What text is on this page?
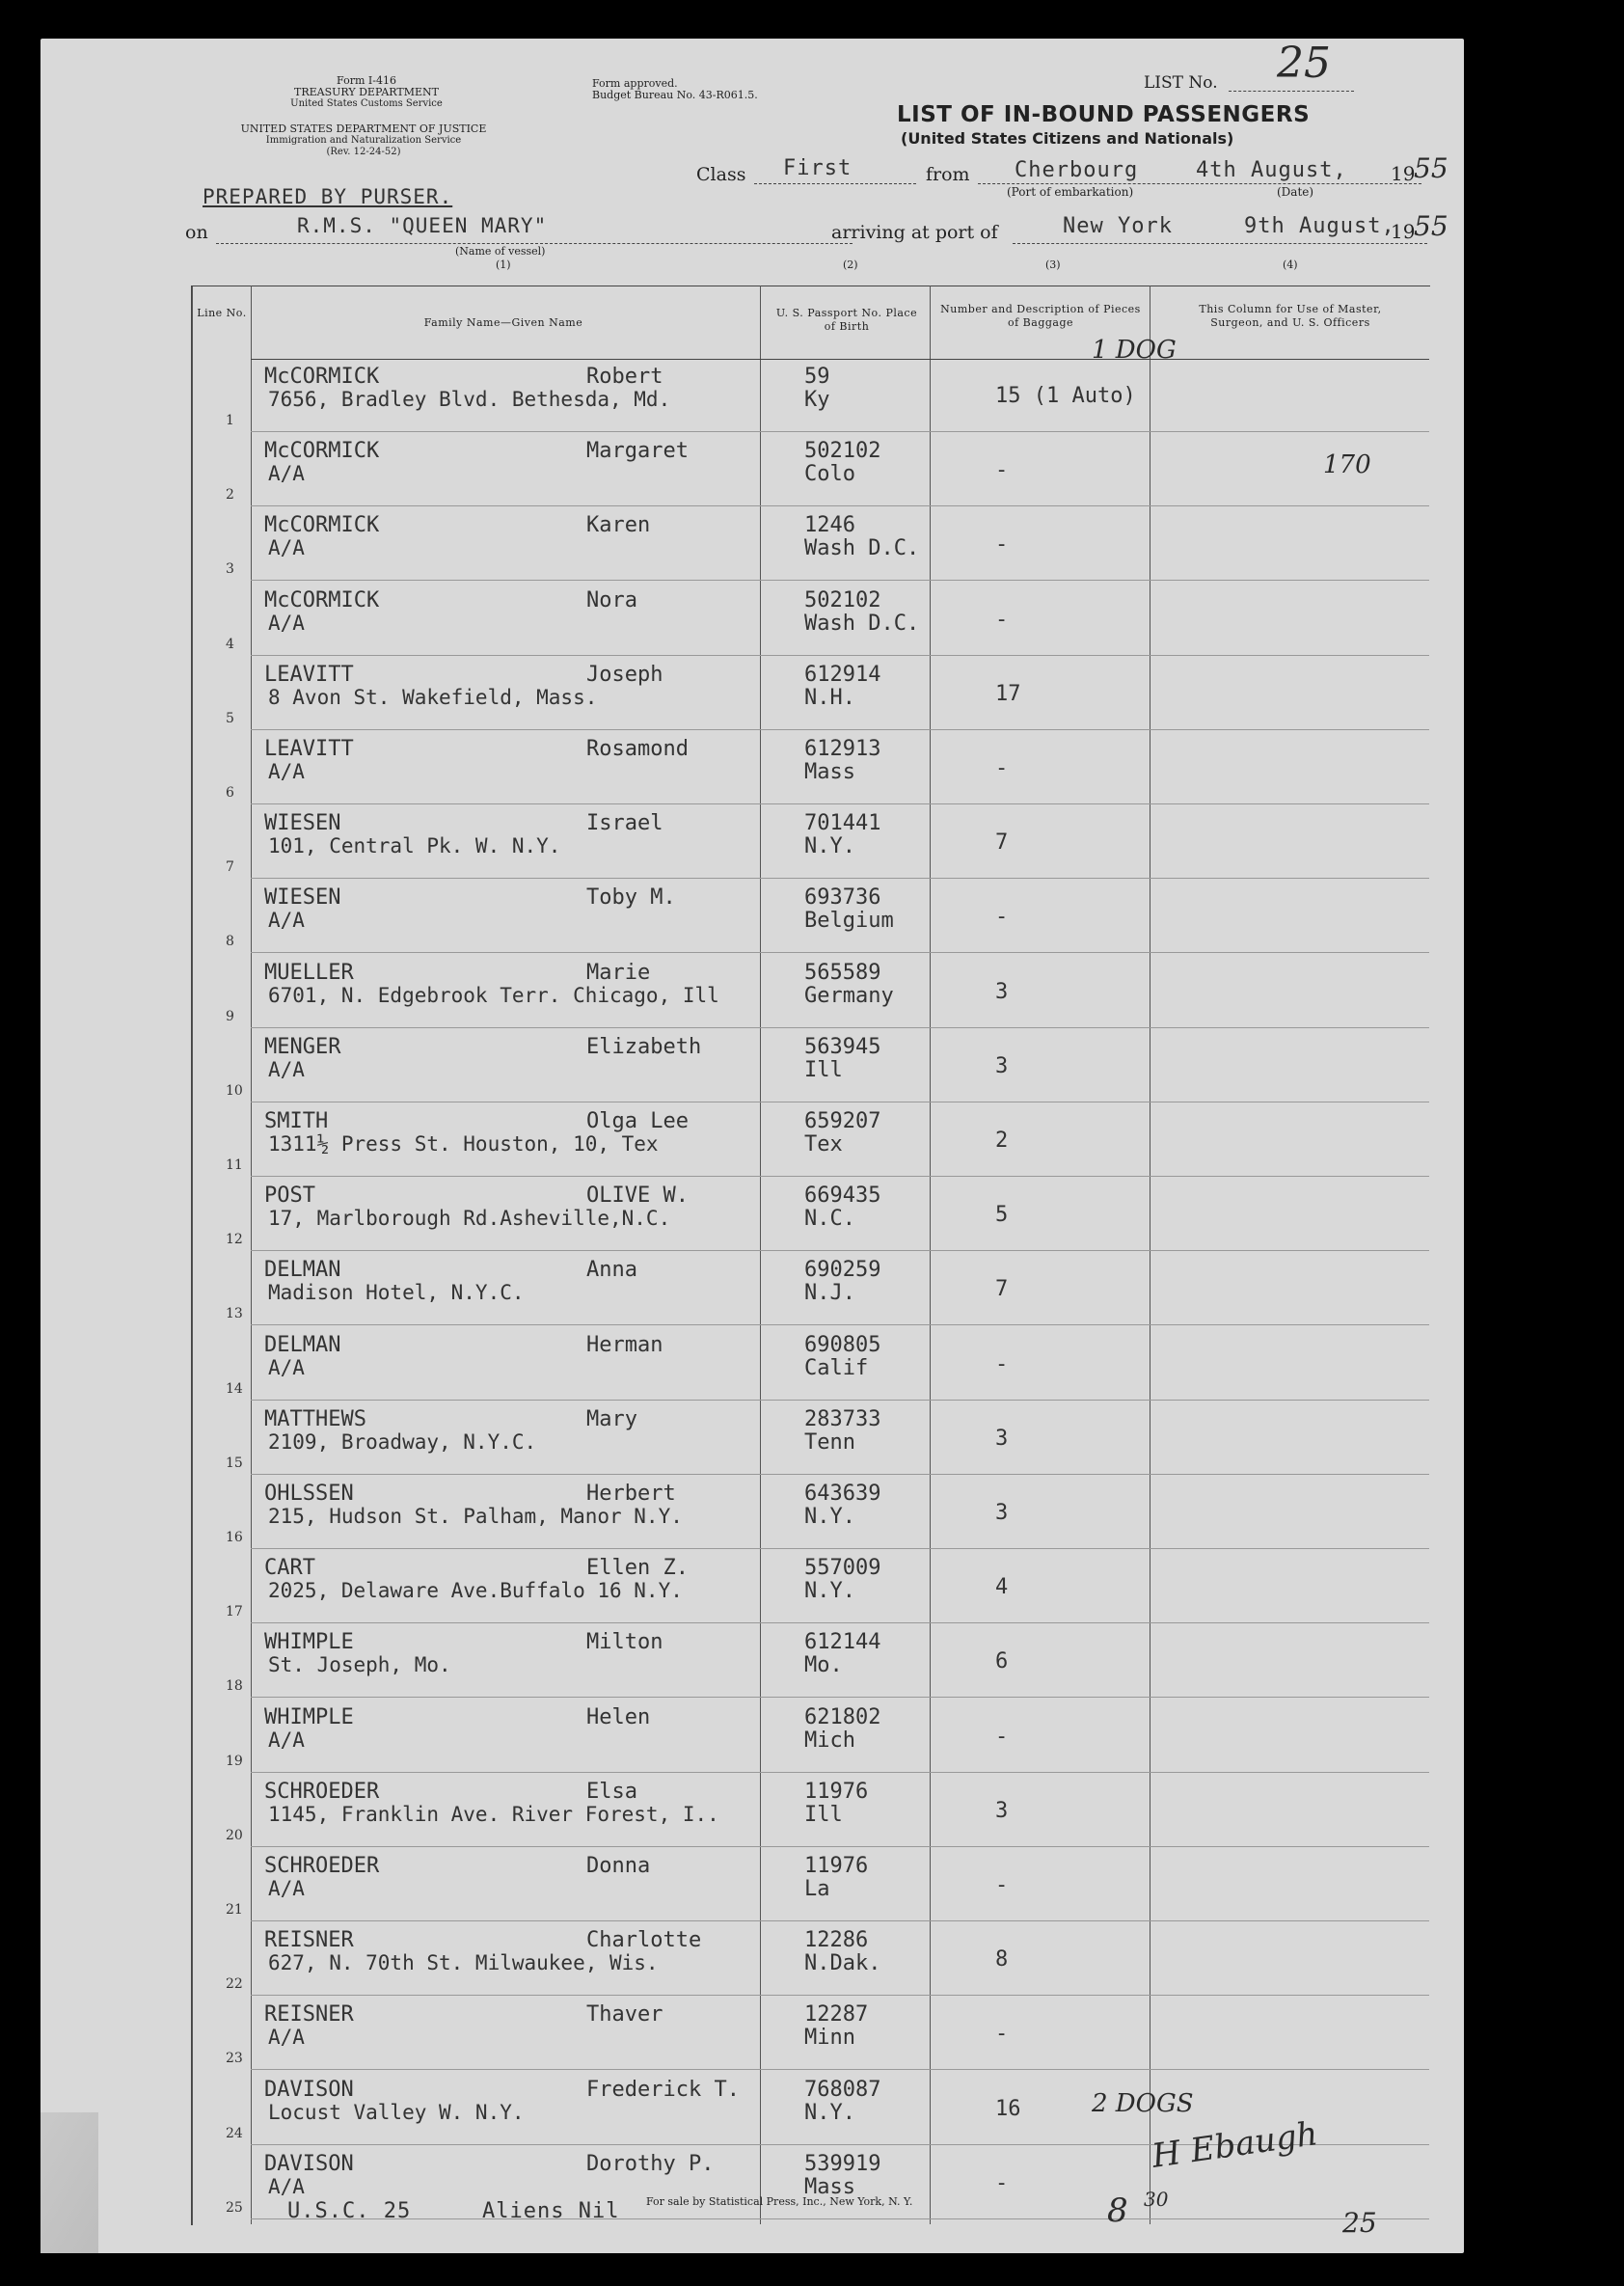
Form I-416
TREASURY DEPARTMENT
United States Customs Service
UNITED STATES DEPARTMENT OF JUSTICE
Immigration and Naturalization Service
(Rev. 12-24-52)
Form approved.
Budget Bureau No. 43-R061.5.
LIST No. 25
LIST OF IN-BOUND PASSENGERS
(United States Citizens and Nationals)
Class First	from Cherbourg	4th August,
(Port of embarkation)	(Date)
19
55
PREPARED BY PURSER.
on	R.M.S. "QUEEN MARY"
(Name of vessel)
arriving at port of	New York	9th August,
19
55
(1)	(2)	(3)	(4)
Line No.
Family Name—Given Name
U. S. Passport No. Place of Birth
Number and Description of Pieces of Baggage
This Column for Use of Master, Surgeon, and U. S. Officers
1
McCORMICK	Robert
7656, Bradley Blvd. Bethesda, Md.
59
Ky	15 (1 Auto)
1 DOG
2
McCORMICK	Margaret
A/A
502102
Colo	-	170
3
McCORMICK	Karen
A/A
1246
Wash D.C.	-
4
McCORMICK	Nora
A/A
502102
Wash D.C.	-
5
LEAVITT	Joseph
8 Avon St. Wakefield, Mass.
612914
N.H.	17
6
LEAVITT	Rosamond
A/A
612913
Mass	-
7
WIESEN	Israel
101, Central Pk. W. N.Y.
701441
N.Y.	7
8
WIESEN	Toby M.
A/A
693736
Belgium	-
9
MUELLER	Marie
6701, N. Edgebrook Terr. Chicago, Ill
565589
Germany	3
10
MENGER	Elizabeth
A/A
563945
Ill	3
11
SMITH	Olga Lee
1311½ Press St. Houston, 10, Tex
659207
Tex	2
12
POST	OLIVE W.
17, Marlborough Rd.Asheville,N.C.
669435
N.C.	5
13
DELMAN	Anna
Madison Hotel, N.Y.C.
690259
N.J.	7
14
DELMAN	Herman
A/A
690805
Calif	-
15
MATTHEWS	Mary
2109, Broadway, N.Y.C.
283733
Tenn	3
16
OHLSSEN	Herbert
215, Hudson St. Palham, Manor N.Y.
643639
N.Y.	3
17
CART	Ellen Z.
2025, Delaware Ave.Buffalo 16 N.Y.
557009
N.Y.	4
18
WHIMPLE	Milton
St. Joseph, Mo.
612144
Mo.	6
19
WHIMPLE	Helen
A/A
621802
Mich	-
20
SCHROEDER	Elsa
1145, Franklin Ave. River Forest, I..
11976
Ill	3
21
SCHROEDER	Donna
A/A
11976
La	-
22
REISNER	Charlotte
627, N. 70th St. Milwaukee, Wis.
12286
N.Dak.	8
23
REISNER	Thaver
A/A
12287
Minn	-
24
DAVISON	Frederick T.
Locust Valley W. N.Y.
768087
N.Y.	16	2 DOGS
25
DAVISON	Dorothy P.
A/A
539919
Mass	-
U.S.C. 25	Aliens Nil	For sale by Statistical Press, Inc., New York, N. Y.	8 30
25
H Ebaugh
